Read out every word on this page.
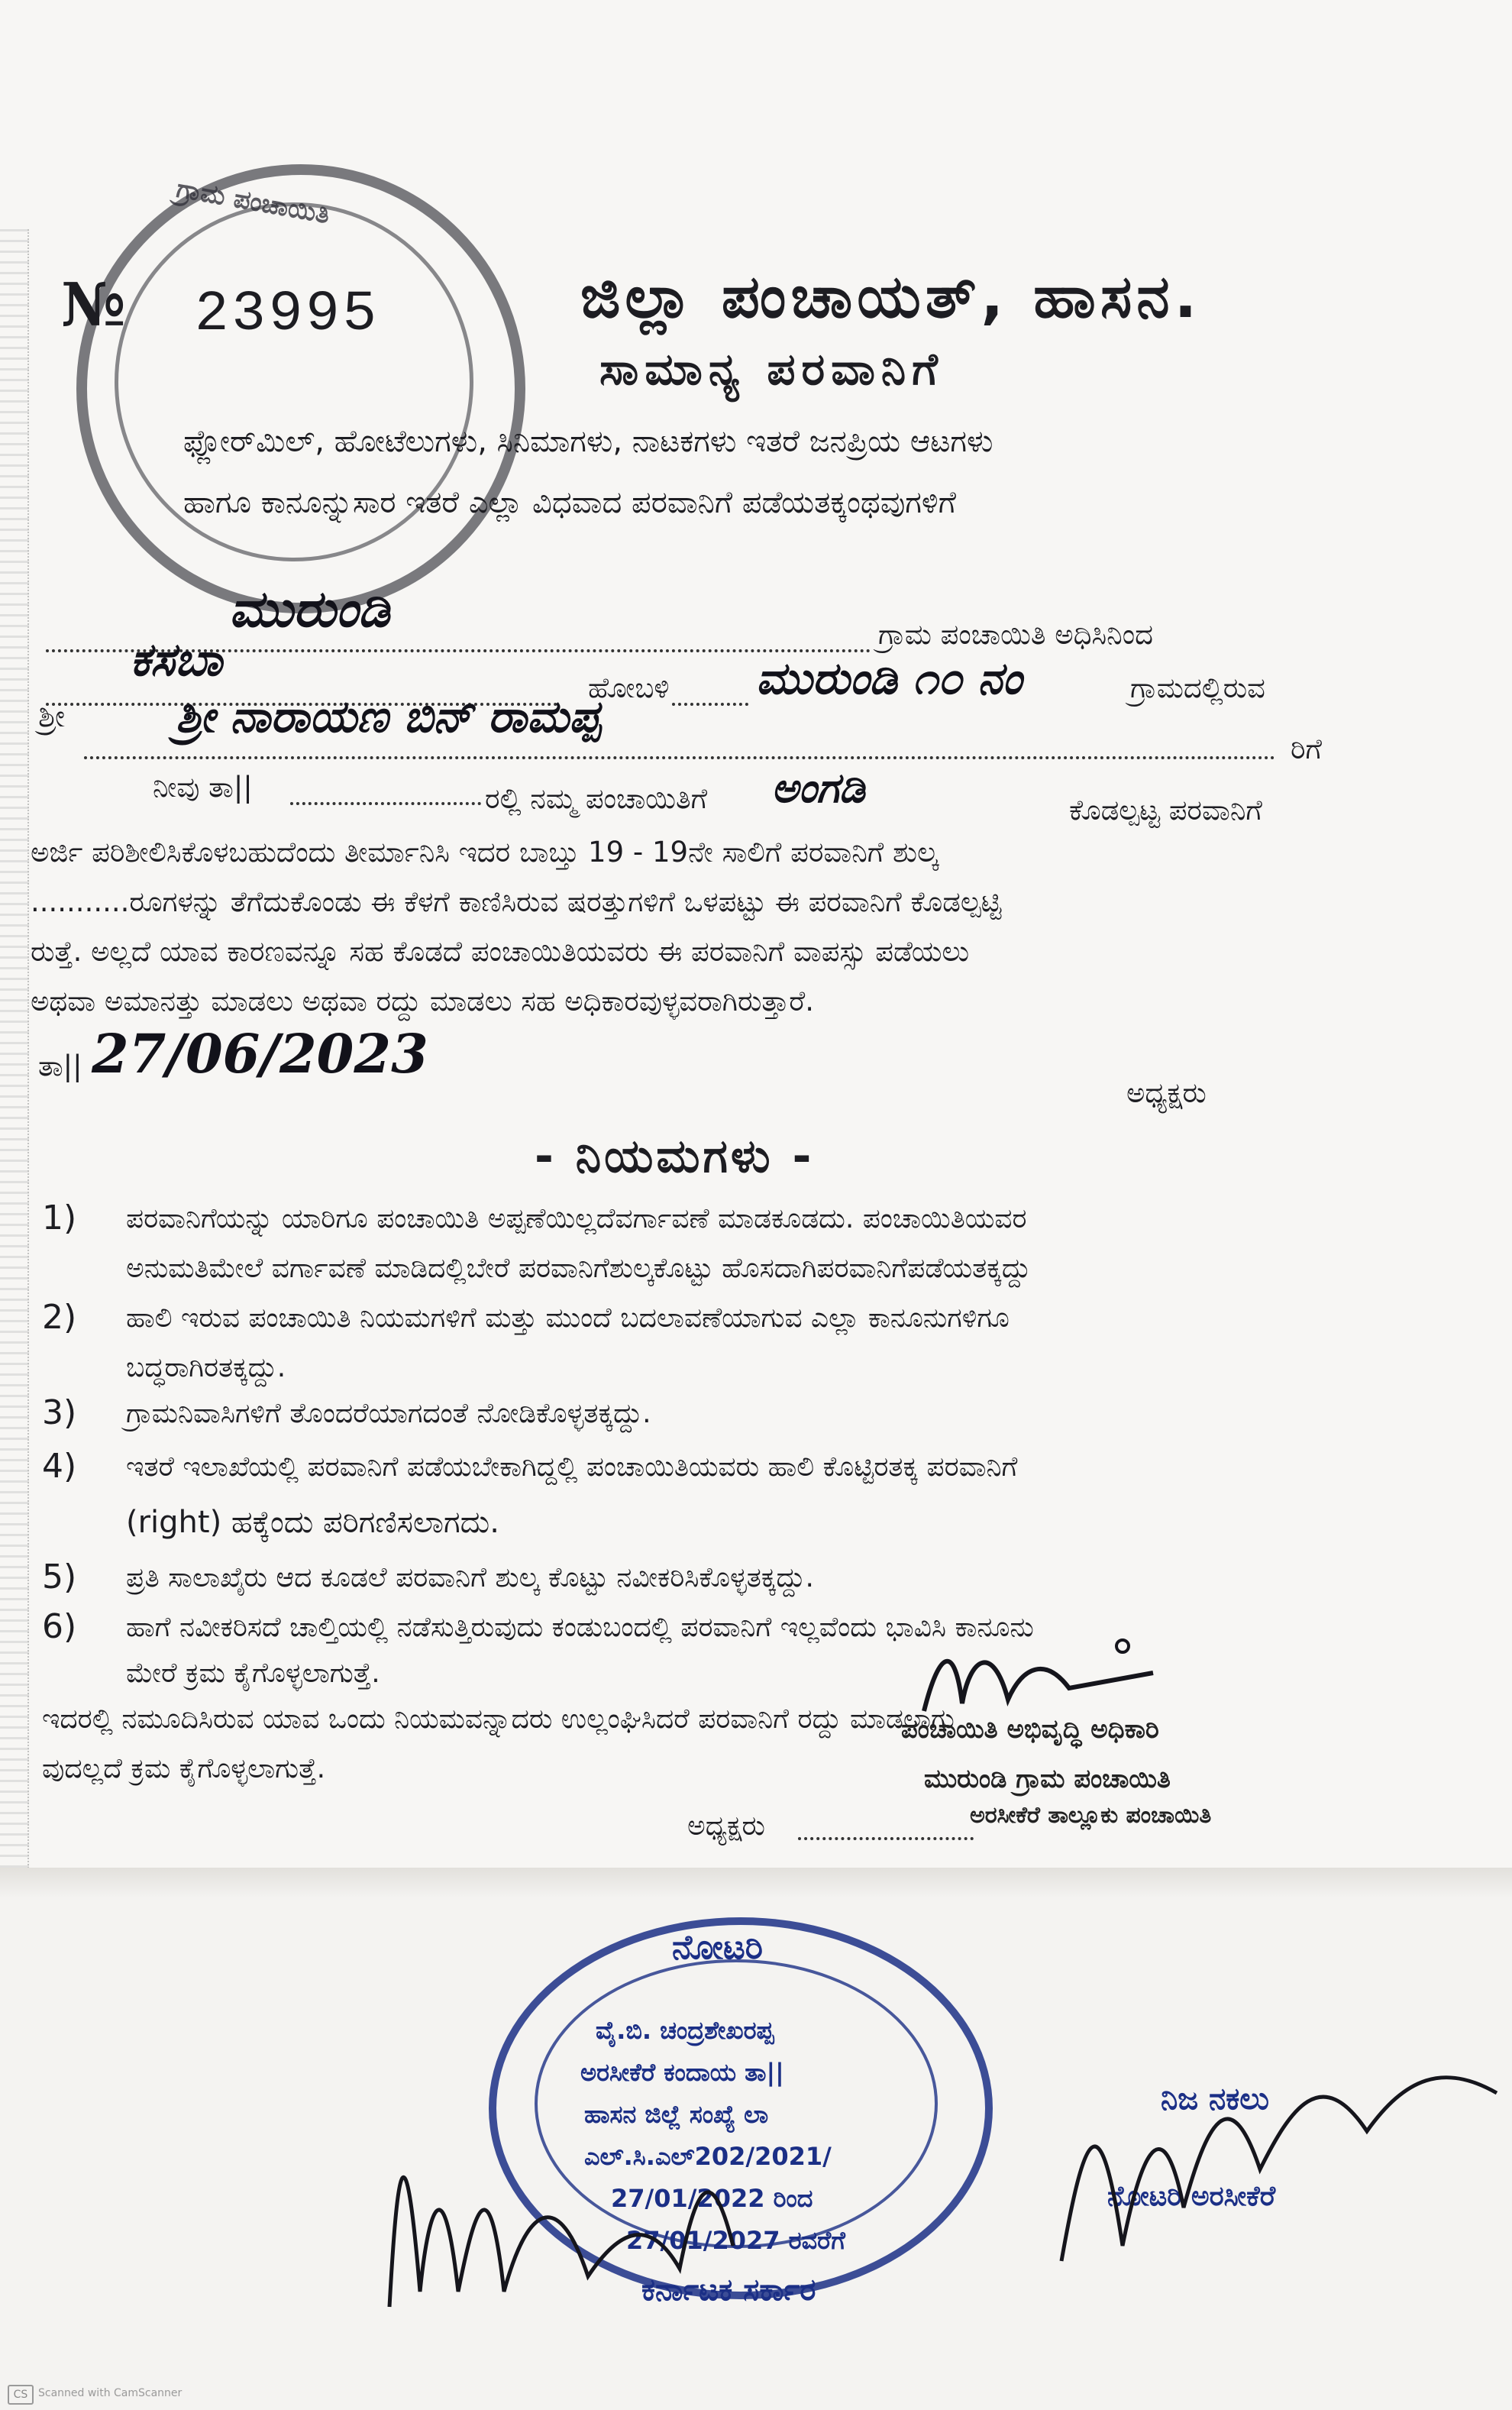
ಗ್ರಾಮ ಪಂಚಾಯಿತಿ
№ 23995	ಜಿಲ್ಲಾ ಪಂಚಾಯತ್, ಹಾಸನ.
ಸಾಮಾನ್ಯ ಪರವಾನಿಗೆ
ಫ್ಲೋರ್‌ಮಿಲ್, ಹೋಟೆಲುಗಳು, ಸಿನಿಮಾಗಳು, ನಾಟಕಗಳು ಇತರೆ ಜನಪ್ರಿಯ ಆಟಗಳು
ಹಾಗೂ ಕಾನೂನ್ನುಸಾರ ಇತರೆ ಎಲ್ಲಾ ವಿಧವಾದ ಪರವಾನಿಗೆ ಪಡೆಯತಕ್ಕಂಥವುಗಳಿಗೆ
ಮುರುಂಡಿ	ಗ್ರಾಮ ಪಂಚಾಯಿತಿ ಅಧಿಸಿನಿಂದ
ಕಸಬಾ
ಹೋಬಳಿ ಮುರುಂಡಿ ೧೦ ನಂ	ಗ್ರಾಮದಲ್ಲಿರುವ
ಶ್ರೀ ಶ್ರೀ ನಾರಾಯಣ ಬಿನ್ ರಾಮಪ್ಪ
ರಿಗೆ
ನೀವು ತಾ||	ರಲ್ಲಿ ನಮ್ಮ ಪಂಚಾಯಿತಿಗೆ ಅಂಗಡಿ	ಕೊಡಲ್ಪಟ್ಟ ಪರವಾನಿಗೆ
ಅರ್ಜಿ ಪರಿಶೀಲಿಸಿಕೊಳಬಹುದೆಂದು ತೀರ್ಮಾನಿಸಿ ಇದರ ಬಾಬ್ತು 19 - 19ನೇ ಸಾಲಿಗೆ ಪರವಾನಿಗೆ ಶುಲ್ಕ
...........ರೂಗಳನ್ನು ತೆಗೆದುಕೊಂಡು ಈ ಕೆಳಗೆ ಕಾಣಿಸಿರುವ ಷರತ್ತುಗಳಿಗೆ ಒಳಪಟ್ಟು ಈ ಪರವಾನಿಗೆ ಕೊಡಲ್ಪಟ್ಟಿ
ರುತ್ತೆ. ಅಲ್ಲದೆ ಯಾವ ಕಾರಣವನ್ನೂ ಸಹ ಕೊಡದೆ ಪಂಚಾಯಿತಿಯವರು ಈ ಪರವಾನಿಗೆ ವಾಪಸ್ಸು ಪಡೆಯಲು
ಅಥವಾ ಅಮಾನತ್ತು ಮಾಡಲು ಅಥವಾ ರದ್ದು ಮಾಡಲು ಸಹ ಅಧಿಕಾರವುಳ್ಳವರಾಗಿರುತ್ತಾರೆ.
ತಾ|| 27/06/2023
ಅಧ್ಯಕ್ಷರು
- ನಿಯಮಗಳು -
1) ಪರವಾನಿಗೆಯನ್ನು ಯಾರಿಗೂ ಪಂಚಾಯಿತಿ ಅಪ್ಪಣೆಯಿಲ್ಲದೆವರ್ಗಾವಣೆ ಮಾಡಕೂಡದು. ಪಂಚಾಯಿತಿಯವರ
ಅನುಮತಿಮೇಲೆ ವರ್ಗಾವಣೆ ಮಾಡಿದಲ್ಲಿಬೇರೆ ಪರವಾನಿಗೆಶುಲ್ಕಕೊಟ್ಟು ಹೊಸದಾಗಿಪರವಾನಿಗೆಪಡೆಯತಕ್ಕದ್ದು
2) ಹಾಲಿ ಇರುವ ಪಂಚಾಯಿತಿ ನಿಯಮಗಳಿಗೆ ಮತ್ತು ಮುಂದೆ ಬದಲಾವಣೆಯಾಗುವ ಎಲ್ಲಾ ಕಾನೂನುಗಳಿಗೂ
ಬದ್ಧರಾಗಿರತಕ್ಕದ್ದು.
3) ಗ್ರಾಮನಿವಾಸಿಗಳಿಗೆ ತೊಂದರೆಯಾಗದಂತೆ ನೋಡಿಕೊಳ್ಳತಕ್ಕದ್ದು.
4) ಇತರೆ ಇಲಾಖೆಯಲ್ಲಿ ಪರವಾನಿಗೆ ಪಡೆಯಬೇಕಾಗಿದ್ದಲ್ಲಿ ಪಂಚಾಯಿತಿಯವರು ಹಾಲಿ ಕೊಟ್ಟಿರತಕ್ಕ ಪರವಾನಿಗೆ
(right) ಹಕ್ಕೆಂದು ಪರಿಗಣಿಸಲಾಗದು.
5) ಪ್ರತಿ ಸಾಲಾಖೈರು ಆದ ಕೂಡಲೆ ಪರವಾನಿಗೆ ಶುಲ್ಕ ಕೊಟ್ಟು ನವೀಕರಿಸಿಕೊಳ್ಳತಕ್ಕದ್ದು.
6) ಹಾಗೆ ನವೀಕರಿಸದೆ ಚಾಲ್ತಿಯಲ್ಲಿ ನಡೆಸುತ್ತಿರುವುದು ಕಂಡುಬಂದಲ್ಲಿ ಪರವಾನಿಗೆ ಇಲ್ಲವೆಂದು ಭಾವಿಸಿ ಕಾನೂನು
ಮೇರೆ ಕ್ರಮ ಕೈಗೊಳ್ಳಲಾಗುತ್ತೆ.
ಇದರಲ್ಲಿ ನಮೂದಿಸಿರುವ ಯಾವ ಒಂದು ನಿಯಮವನ್ನಾದರು ಉಲ್ಲಂಘಿಸಿದರೆ ಪರವಾನಿಗೆ ರದ್ದು ಮಾಡಲಾಗು
ವುದಲ್ಲದೆ ಕ್ರಮ ಕೈಗೊಳ್ಳಲಾಗುತ್ತೆ.
ಅಧ್ಯಕ್ಷರು
ಪಂಚಾಯಿತಿ ಅಭಿವೃದ್ಧಿ ಅಧಿಕಾರಿ
ಮುರುಂಡಿ ಗ್ರಾಮ ಪಂಚಾಯಿತಿ
ಅರಸೀಕೆರೆ ತಾಲ್ಲೂಕು ಪಂಚಾಯಿತಿ
ನೋಟರಿ
ವೈ.ಬಿ. ಚಂದ್ರಶೇಖರಪ್ಪ
ಅರಸೀಕೆರೆ ಕಂದಾಯ ತಾ||
ಹಾಸನ ಜಿಲ್ಲೆ ಸಂಖ್ಯೆ ಲಾ
ಎಲ್.ಸಿ.ಎಲ್202/2021/
27/01/2022 ರಿಂದ
27/01/2027 ರವರೆಗೆ
ಕರ್ನಾಟಕ ಸರ್ಕಾರ
ನಿಜ ನಕಲು
ನೋಟರಿ ಅರಸೀಕೆರೆ
CS Scanned with CamScanner
